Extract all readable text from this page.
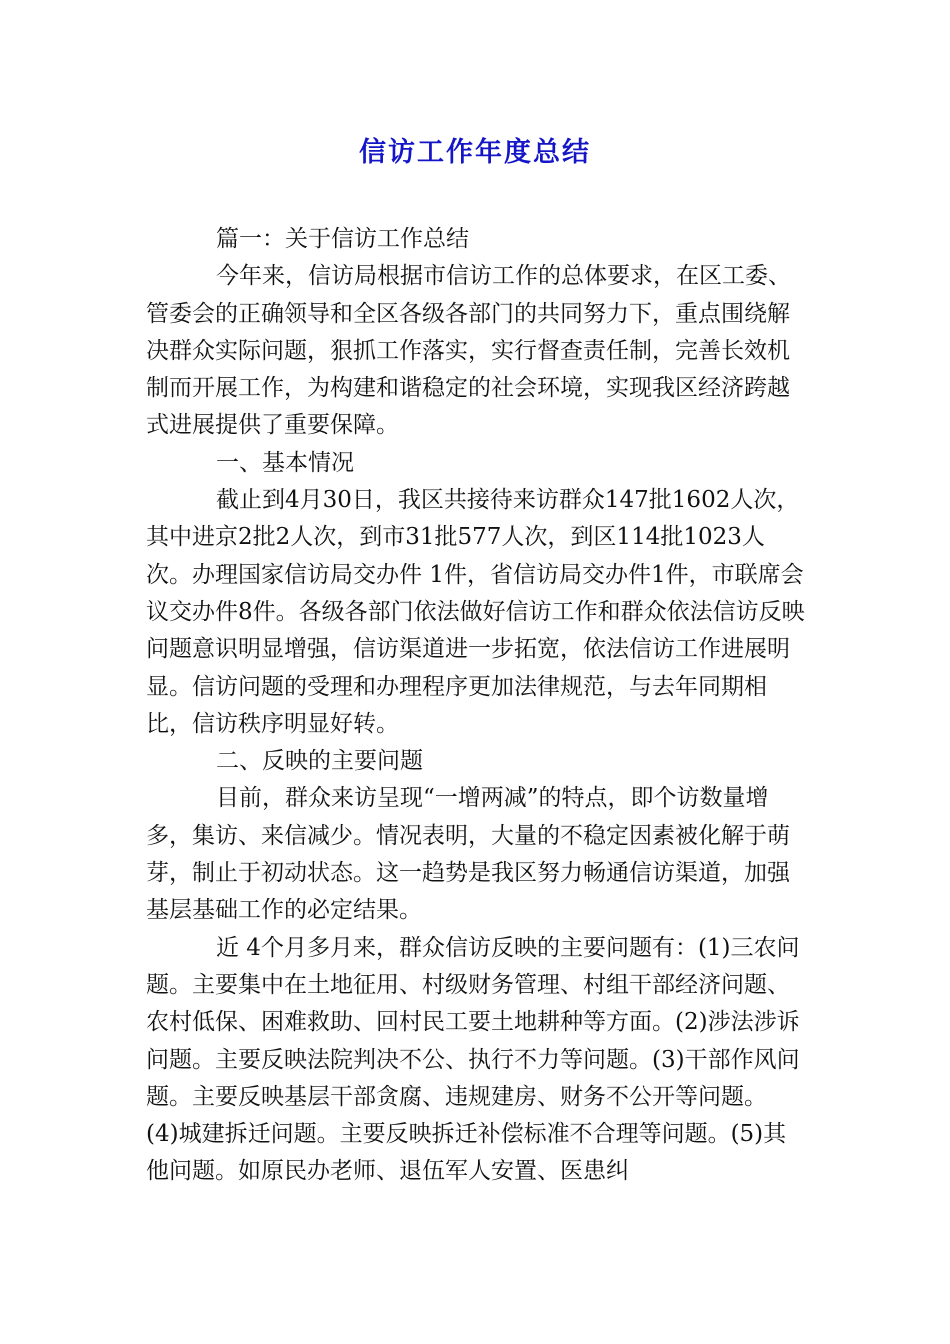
信访工作年度总结

篇一：关于信访工作总结

今年来，信访局根据市信访工作的总体要求，在区工委、管委会的正确领导和全区各级各部门的共同努力下，重点围绕解决群众实际问题，狠抓工作落实，实行督查责任制，完善长效机制而开展工作，为构建和谐稳定的社会环境，实现我区经济跨越式进展提供了重要保障。

一、基本情况

截止到4月30日，我区共接待来访群众147批1602人次，其中进京2批2人次，到市31批577人次，到区114批1023人次。办理国家信访局交办件 1件，省信访局交办件1件，市联席会议交办件8件。各级各部门依法做好信访工作和群众依法信访反映问题意识明显增强，信访渠道进一步拓宽，依法信访工作进展明显。信访问题的受理和办理程序更加法律规范，与去年同期相比，信访秩序明显好转。

二、反映的主要问题

目前，群众来访呈现“一增两减”的特点，即个访数量增多，集访、来信减少。情况表明，大量的不稳定因素被化解于萌芽，制止于初动状态。这一趋势是我区努力畅通信访渠道，加强基层基础工作的必定结果。

近 4个月多月来，群众信访反映的主要问题有：(1)三农问题。主要集中在土地征用、村级财务管理、村组干部经济问题、农村低保、困难救助、回村民工要土地耕种等方面。(2)涉法涉诉问题。主要反映法院判决不公、执行不力等问题。(3)干部作风问题。主要反映基层干部贪腐、违规建房、财务不公开等问题。 (4)城建拆迁问题。主要反映拆迁补偿标准不合理等问题。(5)其他问题。如原民办老师、退伍军人安置、医患纠
